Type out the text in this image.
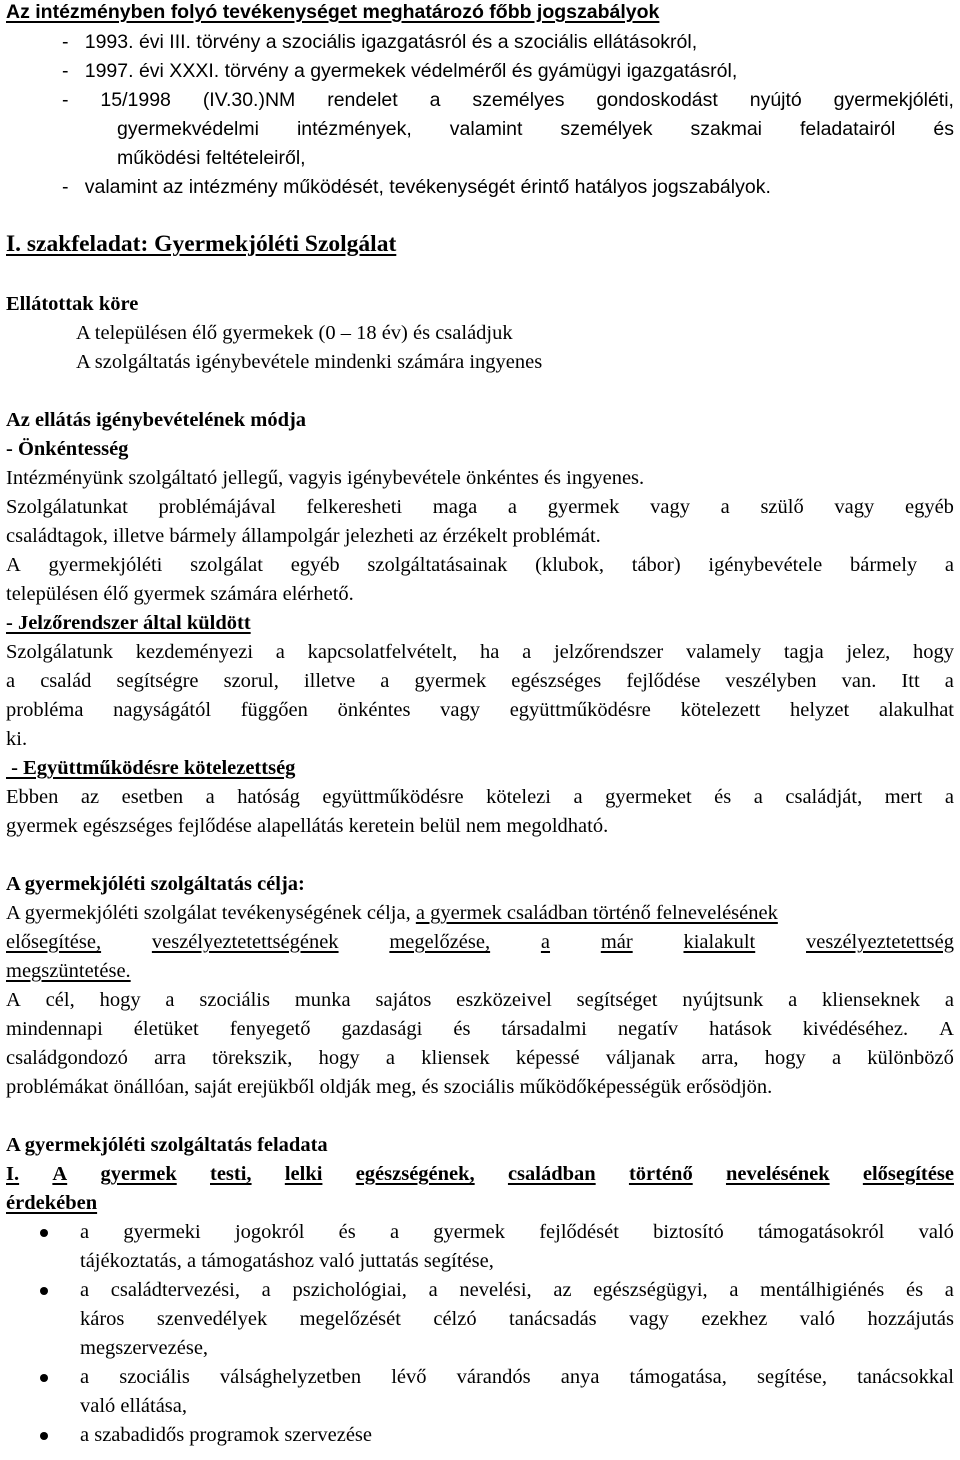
Az intézményben folyó tevékenységet meghatározó főbb jogszabályok
-   1993. évi III. törvény a szociális igazgatásról és a szociális ellátásokról,
-   1997. évi XXXI. törvény a gyermekek védelméről és gyámügyi igazgatásról,
- 15/1998 (IV.30.)NM rendelet a személyes gondoskodást nyújtó gyermekjóléti,
gyermekvédelmi intézmények, valamint személyek szakmai feladatairól és
működési feltételeiről,
-   valamint az intézmény működését, tevékenységét érintő hatályos jogszabályok.
I. szakfeladat: Gyermekjóléti Szolgálat
Ellátottak köre
A településen élő gyermekek (0 – 18 év) és családjuk
A szolgáltatás igénybevétele mindenki számára ingyenes
Az ellátás igénybevételének módja
- Önkéntesség
Intézményünk szolgáltató jellegű, vagyis igénybevétele önkéntes és ingyenes.
Szolgálatunkat problémájával felkeresheti maga a gyermek vagy a szülő vagy egyéb
családtagok, illetve bármely állampolgár jelezheti az érzékelt problémát.
A gyermekjóléti szolgálat egyéb szolgáltatásainak (klubok, tábor) igénybevétele bármely a
településen élő gyermek számára elérhető.
- Jelzőrendszer által küldött
Szolgálatunk kezdeményezi a kapcsolatfelvételt, ha a jelzőrendszer valamely tagja jelez, hogy
a család segítségre szorul, illetve a gyermek egészséges fejlődése veszélyben van. Itt a
probléma nagyságától függően önkéntes vagy együttműködésre kötelezett helyzet alakulhat
ki.
- Együttműködésre kötelezettség
Ebben az esetben a hatóság együttműködésre kötelezi a gyermeket és a családját, mert a
gyermek egészséges fejlődése alapellátás keretein belül nem megoldható.
A gyermekjóléti szolgáltatás célja:
A gyermekjóléti szolgálat tevékenységének célja, a gyermek családban történő felnevelésének
elősegítése, veszélyeztetettségének megelőzése, a már kialakult veszélyeztetettség
megszüntetése.
A cél, hogy a szociális munka sajátos eszközeivel segítséget nyújtsunk a klienseknek a
mindennapi életüket fenyegető gazdasági és társadalmi negatív hatások kivédéséhez. A
családgondozó arra törekszik, hogy a kliensek képessé váljanak arra, hogy a különböző
problémákat önállóan, saját erejükből oldják meg, és szociális működőképességük erősödjön.
A gyermekjóléti szolgáltatás feladata
I. A gyermek testi, lelki egészségének, családban történő nevelésének elősegítése
érdekében
a gyermeki jogokról és a gyermek fejlődését biztosító támogatásokról való
tájékoztatás, a támogatáshoz való juttatás segítése,
a családtervezési, a pszichológiai, a nevelési, az egészségügyi, a mentálhigiénés és a
káros szenvedélyek megelőzését célzó tanácsadás vagy ezekhez való hozzájutás
megszervezése,
a szociális válsághelyzetben lévő várandós anya támogatása, segítése, tanácsokkal
való ellátása,
a szabadidős programok szervezése
